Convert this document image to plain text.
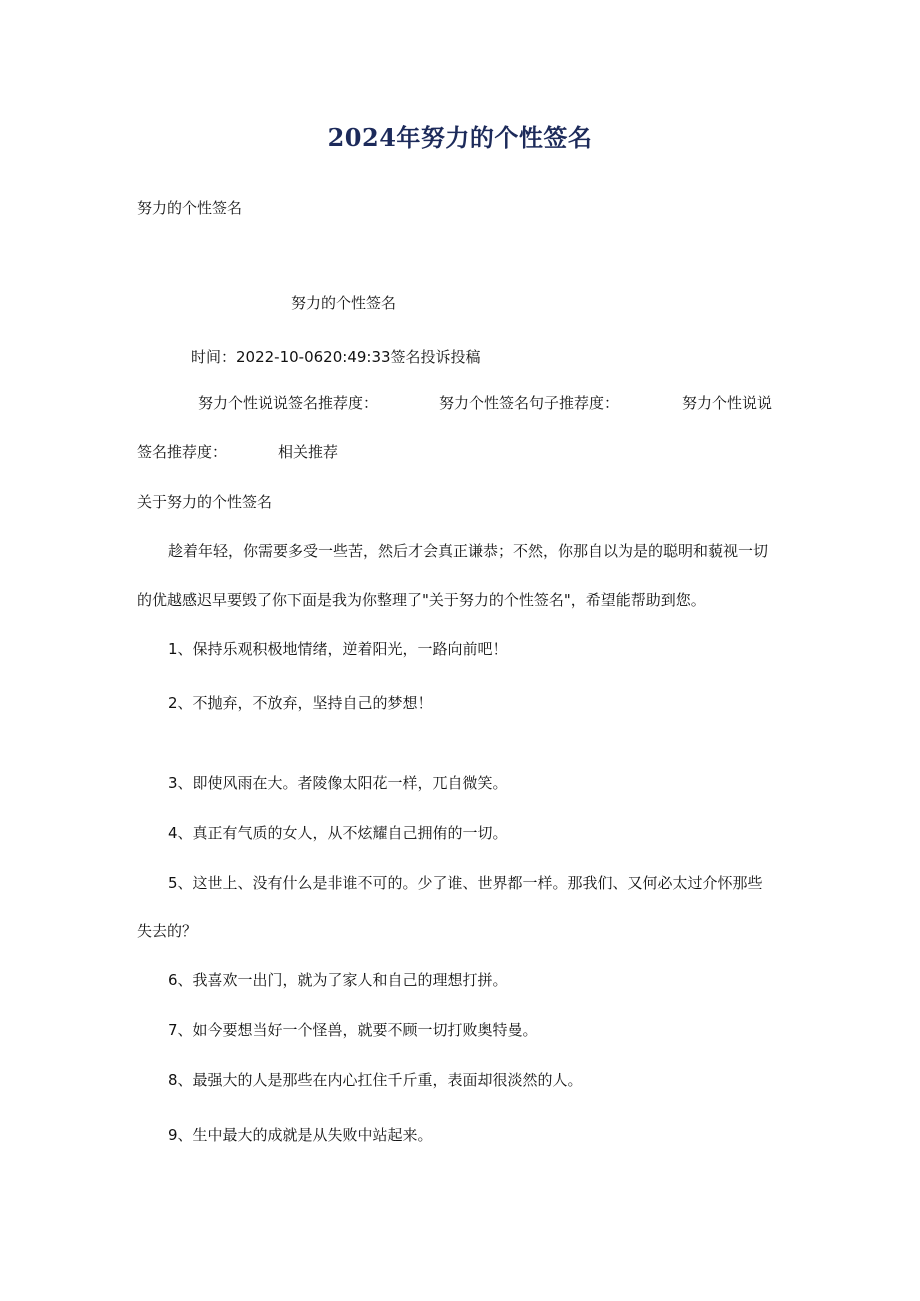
2024年努力的个性签名
努力的个性签名
努力的个性签名
时间：2022-10-0620:49:33签名投诉投稿
努力个性说说签名推荐度：	努力个性签名句子推荐度：	努力个性说说
签名推荐度：	相关推荐
关于努力的个性签名
趁着年轻，你需要多受一些苦，然后才会真正谦恭；不然，你那自以为是的聪明和藐视一切
的优越感迟早要毁了你下面是我为你整理了"关于努力的个性签名"，希望能帮助到您。
1、保持乐观积极地情绪，逆着阳光，一路向前吧！
2、不抛弃，不放弃，坚持自己的梦想！
3、即使风雨在大。者陵像太阳花一样，兀自微笑。
4、真正有气质的女人，从不炫耀自己拥侑的一切。
5、这世上、没有什么是非谁不可的。少了谁、世界都一样。那我们、又何必太过介怀那些
失去的？
6、我喜欢一出门，就为了家人和自己的理想打拼。
7、如今要想当好一个怪兽，就要不顾一切打败奥特曼。
8、最强大的人是那些在内心扛住千斤重，表面却很淡然的人。
9、生中最大的成就是从失败中站起来。
